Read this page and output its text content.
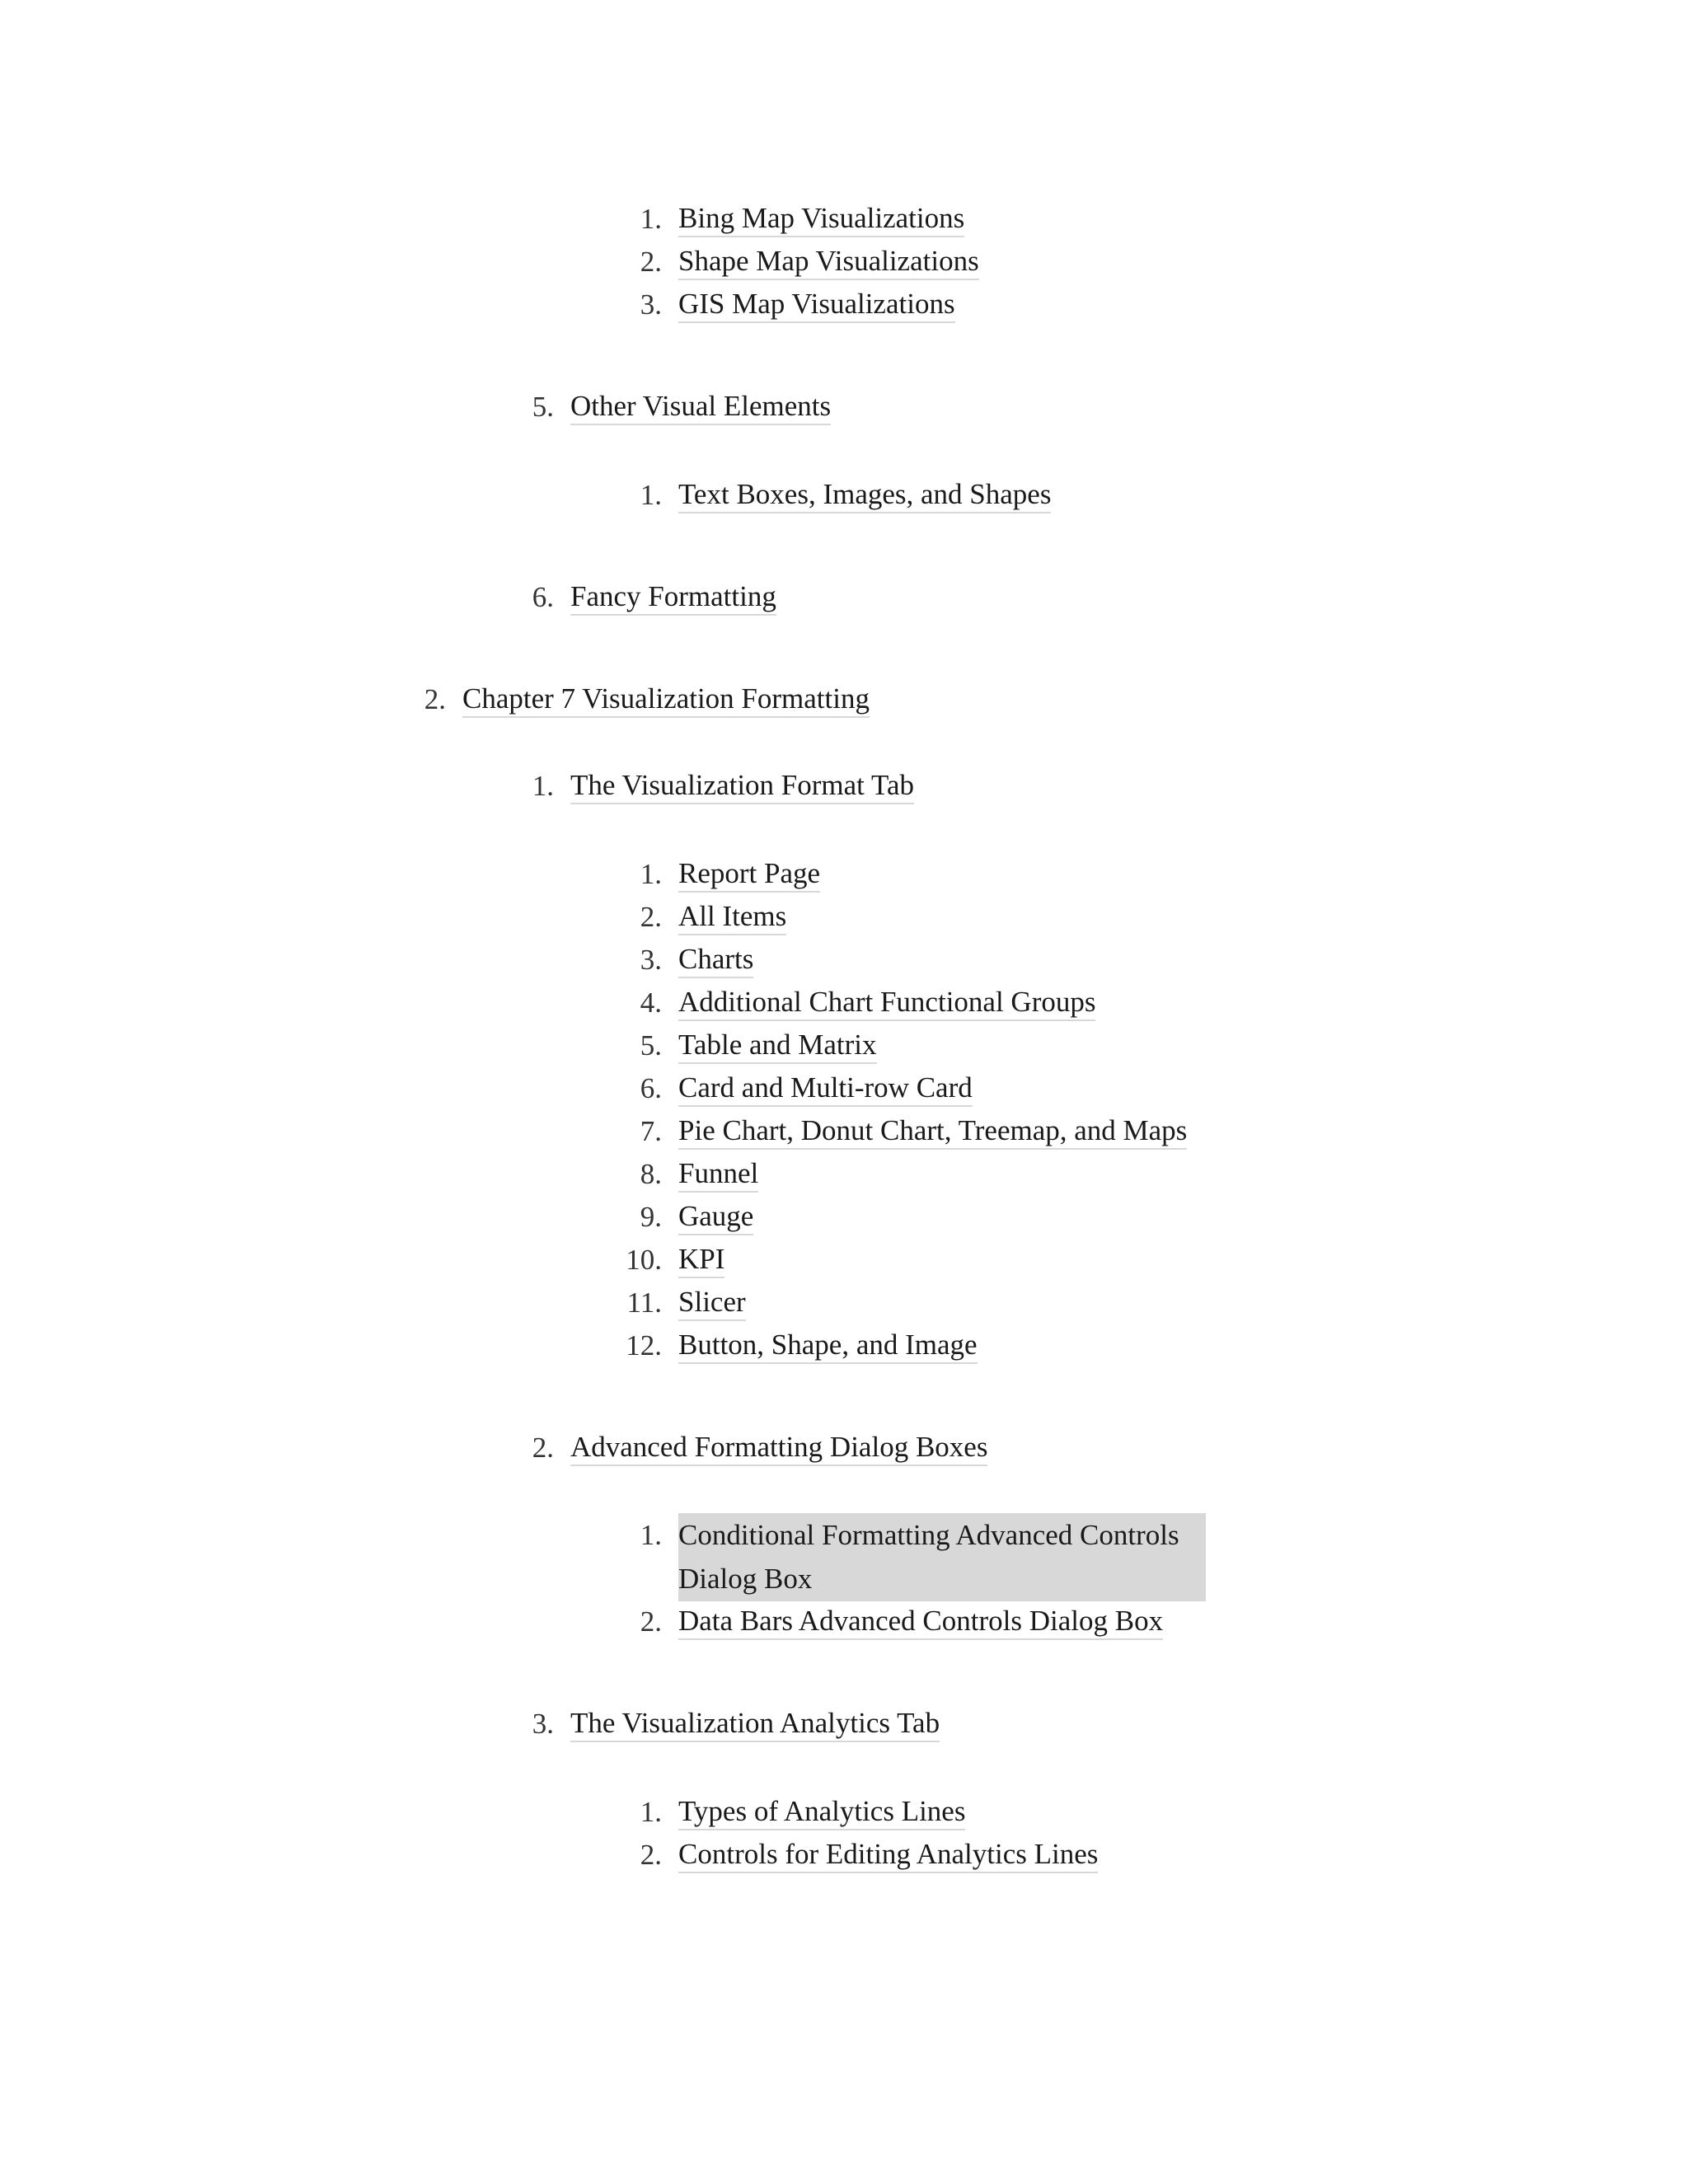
1. Bing Map Visualizations
2. Shape Map Visualizations
3. GIS Map Visualizations
5. Other Visual Elements
1. Text Boxes, Images, and Shapes
6. Fancy Formatting
2. Chapter 7 Visualization Formatting
1. The Visualization Format Tab
1. Report Page
2. All Items
3. Charts
4. Additional Chart Functional Groups
5. Table and Matrix
6. Card and Multi-row Card
7. Pie Chart, Donut Chart, Treemap, and Maps
8. Funnel
9. Gauge
10. KPI
11. Slicer
12. Button, Shape, and Image
2. Advanced Formatting Dialog Boxes
1. Conditional Formatting Advanced Controls
Dialog Box
2. Data Bars Advanced Controls Dialog Box
3. The Visualization Analytics Tab
1. Types of Analytics Lines
2. Controls for Editing Analytics Lines
